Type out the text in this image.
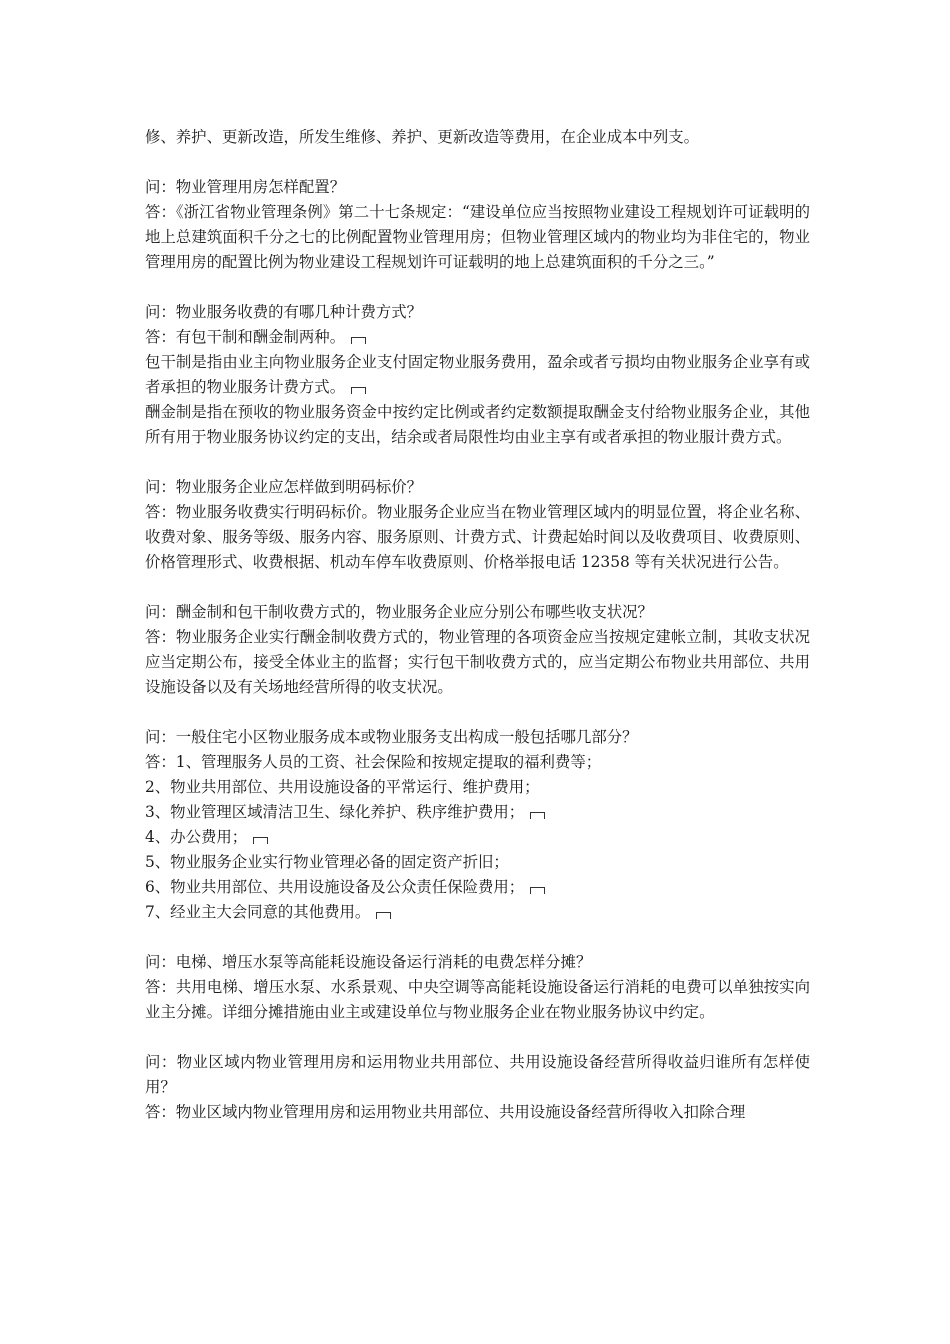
修、养护、更新改造，所发生维修、养护、更新改造等费用，在企业成本中列支。

问：物业管理用房怎样配置？

答：《浙江省物业管理条例》第二十七条规定：“建设单位应当按照物业建设工程规划许可证载明的地上总建筑面积千分之七的比例配置物业管理用房；但物业管理区域内的物业均为非住宅的，物业管理用房的配置比例为物业建设工程规划许可证载明的地上总建筑面积的千分之三。”

问：物业服务收费的有哪几种计费方式？

答：有包干制和酬金制两种。

包干制是指由业主向物业服务企业支付固定物业服务费用，盈余或者亏损均由物业服务企业享有或者承担的物业服务计费方式。

酬金制是指在预收的物业服务资金中按约定比例或者约定数额提取酬金支付给物业服务企业，其他所有用于物业服务协议约定的支出，结余或者局限性均由业主享有或者承担的物业服计费方式。

问：物业服务企业应怎样做到明码标价？

答：物业服务收费实行明码标价。物业服务企业应当在物业管理区域内的明显位置，将企业名称、收费对象、服务等级、服务内容、服务原则、计费方式、计费起始时间以及收费项目、收费原则、价格管理形式、收费根据、机动车停车收费原则、价格举报电话 12358 等有关状况进行公告。

问：酬金制和包干制收费方式的，物业服务企业应分别公布哪些收支状况？

答：物业服务企业实行酬金制收费方式的，物业管理的各项资金应当按规定建帐立制，其收支状况应当定期公布，接受全体业主的监督；实行包干制收费方式的，应当定期公布物业共用部位、共用设施设备以及有关场地经营所得的收支状况。

问：一般住宅小区物业服务成本或物业服务支出构成一般包括哪几部分？

答：1、管理服务人员的工资、社会保险和按规定提取的福利费等；

2、物业共用部位、共用设施设备的平常运行、维护费用；

3、物业管理区域清洁卫生、绿化养护、秩序维护费用；

4、办公费用；

5、物业服务企业实行物业管理必备的固定资产折旧；

6、物业共用部位、共用设施设备及公众责任保险费用；

7、经业主大会同意的其他费用。

问：电梯、增压水泵等高能耗设施设备运行消耗的电费怎样分摊？

答：共用电梯、增压水泵、水系景观、中央空调等高能耗设施设备运行消耗的电费可以单独按实向业主分摊。详细分摊措施由业主或建设单位与物业服务企业在物业服务协议中约定。

问：物业区域内物业管理用房和运用物业共用部位、共用设施设备经营所得收益归谁所有怎样使用？

答：物业区域内物业管理用房和运用物业共用部位、共用设施设备经营所得收入扣除合理
